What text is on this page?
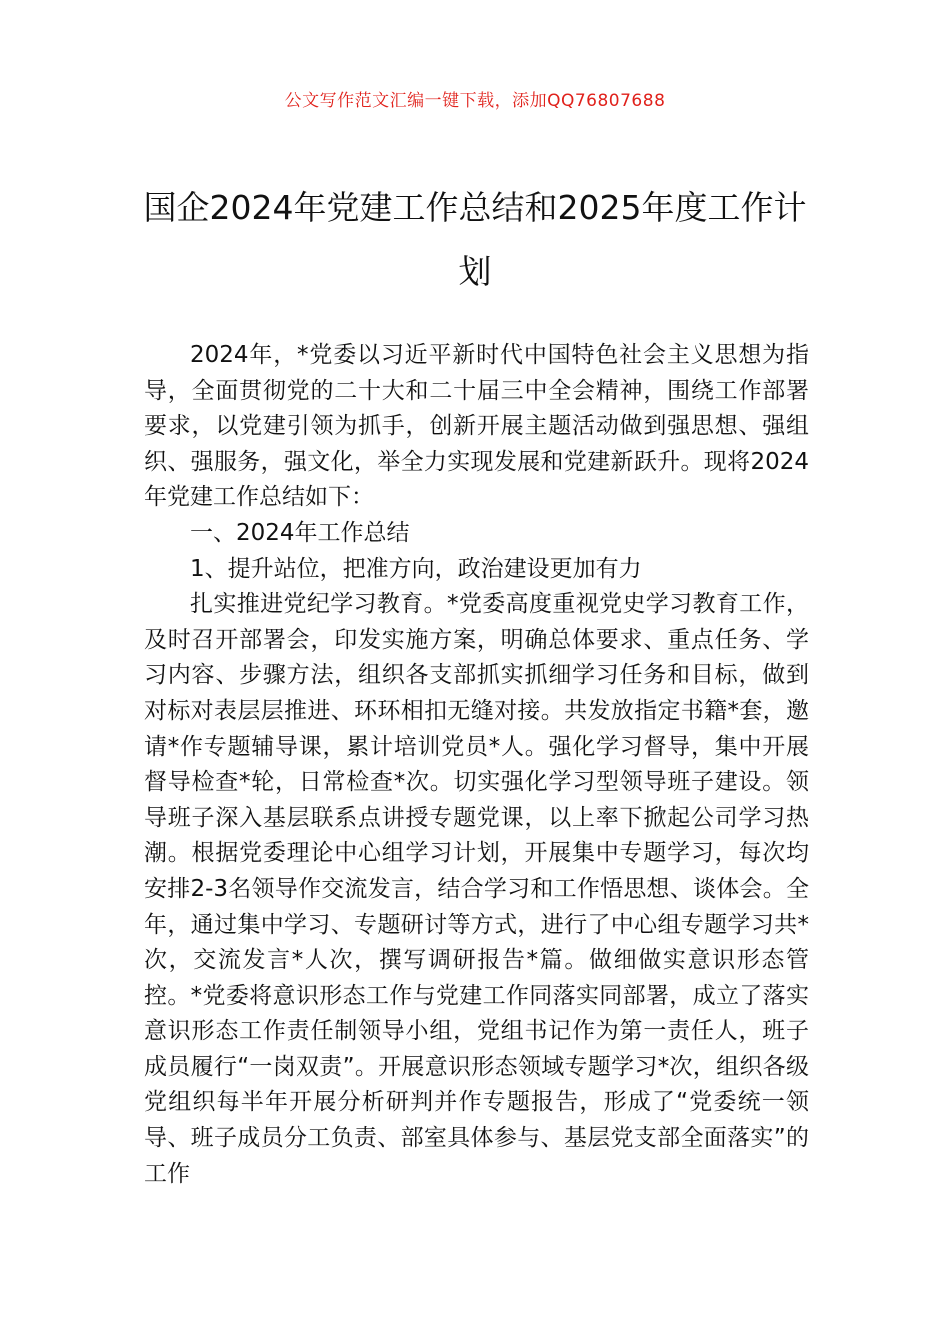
公文写作范文汇编一键下载，添加QQ76807688
国企2024年党建工作总结和2025年度工作计划

2024年，*党委以习近平新时代中国特色社会主义思想为指导，全面贯彻党的二十大和二十届三中全会精神，围绕工作部署要求，以党建引领为抓手，创新开展主题活动做到强思想、强组织、强服务，强文化，举全力实现发展和党建新跃升。现将2024年党建工作总结如下：

一、2024年工作总结

1、提升站位，把准方向，政治建设更加有力

扎实推进党纪学习教育。*党委高度重视党史学习教育工作，及时召开部署会，印发实施方案，明确总体要求、重点任务、学习内容、步骤方法，组织各支部抓实抓细学习任务和目标，做到对标对表层层推进、环环相扣无缝对接。共发放指定书籍*套，邀请*作专题辅导课，累计培训党员*人。强化学习督导，集中开展督导检查*轮，日常检查*次。切实强化学习型领导班子建设。领导班子深入基层联系点讲授专题党课，以上率下掀起公司学习热潮。根据党委理论中心组学习计划，开展集中专题学习，每次均安排2-3名领导作交流发言，结合学习和工作悟思想、谈体会。全年，通过集中学习、专题研讨等方式，进行了中心组专题学习共*次，交流发言*人次，撰写调研报告*篇。做细做实意识形态管控。*党委将意识形态工作与党建工作同落实同部署，成立了落实意识形态工作责任制领导小组，党组书记作为第一责任人，班子成员履行“一岗双责”。开展意识形态领域专题学习*次，组织各级党组织每半年开展分析研判并作专题报告，形成了“党委统一领导、班子成员分工负责、部室具体参与、基层党支部全面落实”的工作
